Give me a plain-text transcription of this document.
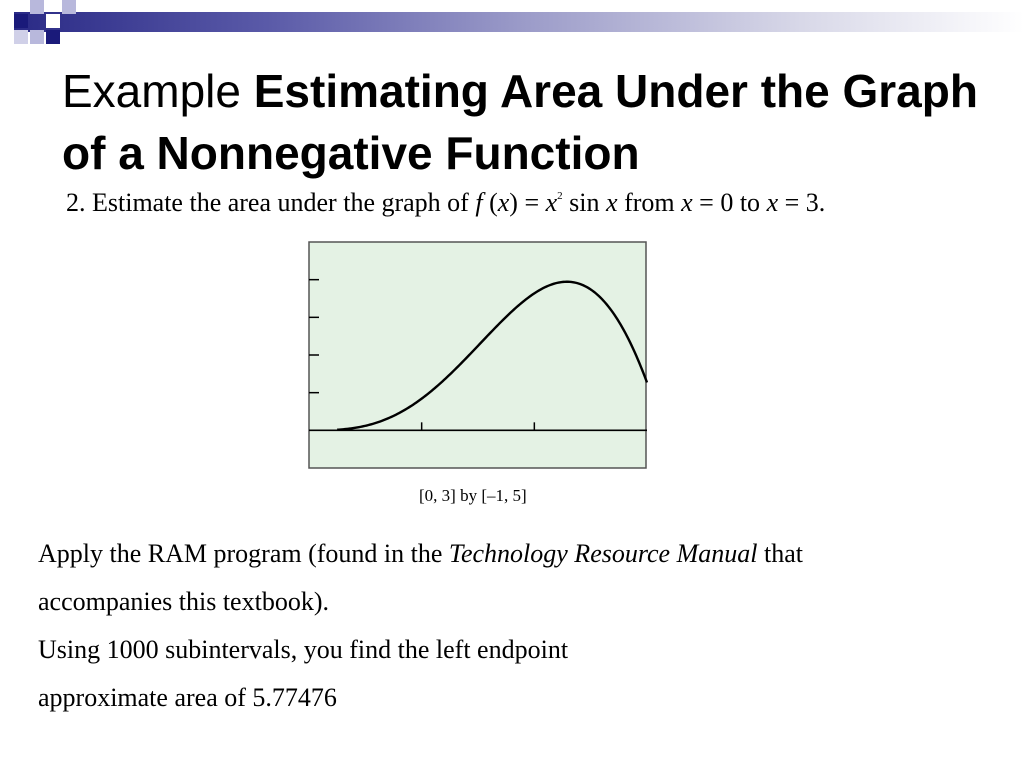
Example Estimating Area Under the Graph of a Nonnegative Function
2. Estimate the area under the graph of f $(x) = x^2$ sin x from x = 0 to x = 3.
[0, 3] by [–1, 5]

Apply the RAM program (found in the Technology Resource Manual that

accompanies this textbook).

Using 1000 subintervals, you find the left endpoint

approximate area of 5.77476
